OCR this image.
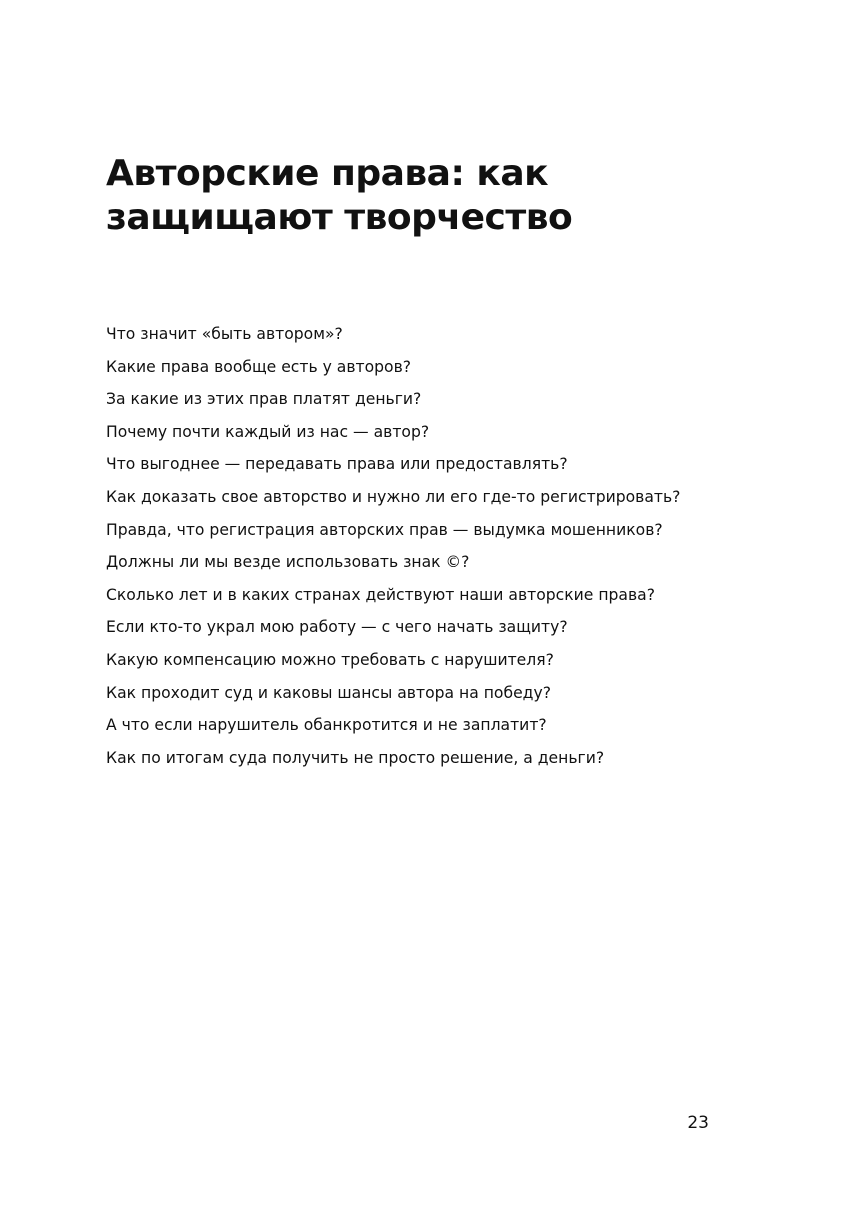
Авторские права: как
защищают творчество
Что значит «быть автором»?
Какие права вообще есть у авторов?
За какие из этих прав платят деньги?
Почему почти каждый из нас — автор?
Что выгоднее — передавать права или предоставлять?
Как доказать свое авторство и нужно ли его где-то регистрировать?
Правда, что регистрация авторских прав — выдумка мошенников?
Должны ли мы везде использовать знак ©?
Сколько лет и в каких странах действуют наши авторские права?
Если кто-то украл мою работу — с чего начать защиту?
Какую компенсацию можно требовать с нарушителя?
Как проходит суд и каковы шансы автора на победу?
А что если нарушитель обанкротится и не заплатит?
Как по итогам суда получить не просто решение, а деньги?
23
